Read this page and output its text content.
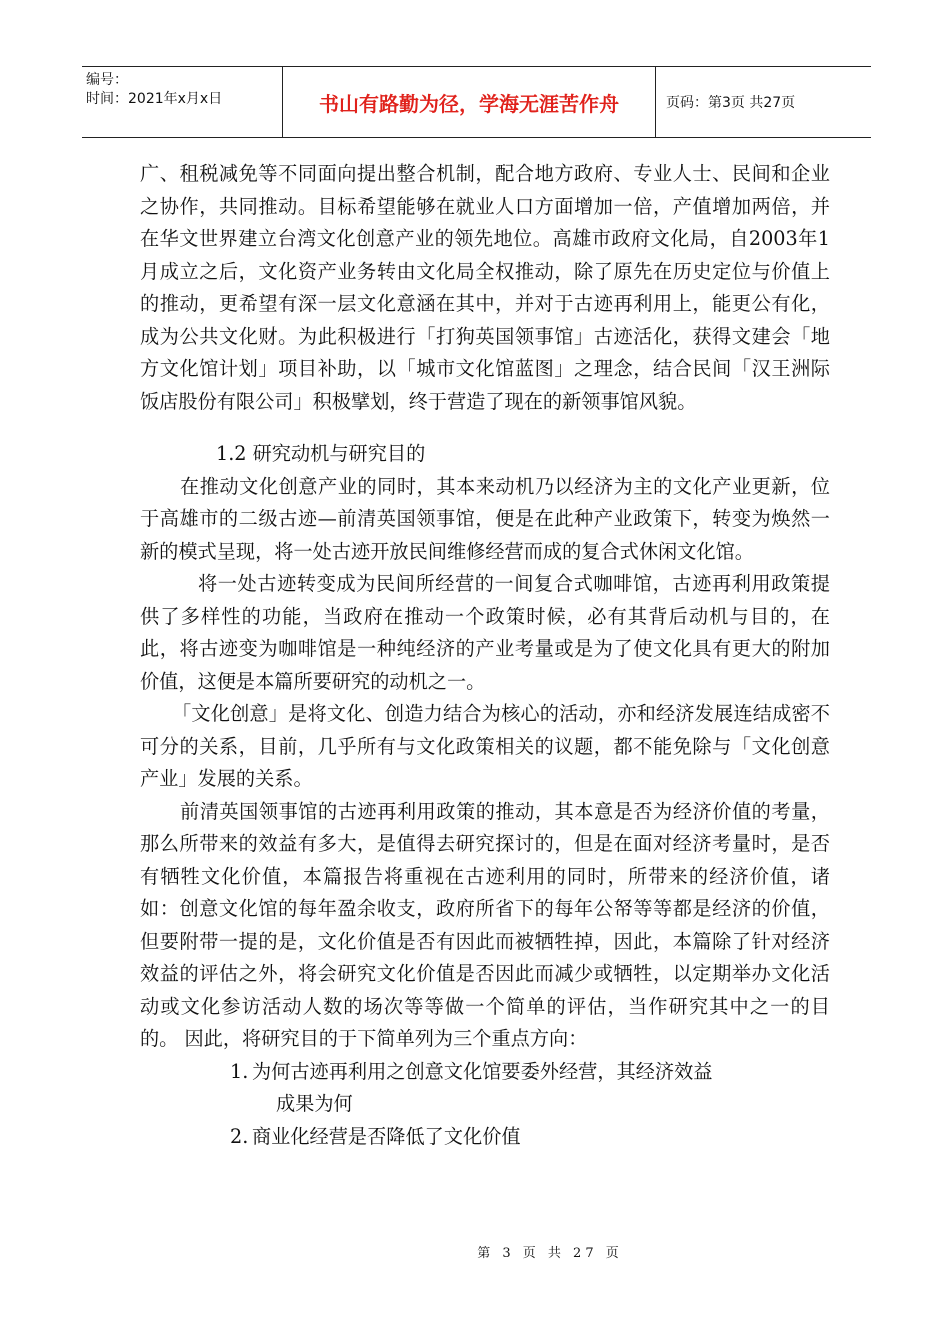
编号：
时间：2021年x月x日	书山有路勤为径，学海无涯苦作舟	页码：第3页 共27页

广、租税减免等不同面向提出整合机制，配合地方政府、专业人士、民间和企业之协作，共同推动。目标希望能够在就业人口方面增加一倍，产值增加两倍，并在华文世界建立台湾文化创意产业的领先地位。高雄市政府文化局，自2003年1月成立之后，文化资产业务转由文化局全权推动，除了原先在历史定位与价值上的推动，更希望有深一层文化意涵在其中，并对于古迹再利用上，能更公有化，成为公共文化财。为此积极进行「打狗英国领事馆」古迹活化，获得文建会「地方文化馆计划」项目补助，以「城市文化馆蓝图」之理念，结合民间「汉王洲际饭店股份有限公司」积极擘划，终于营造了现在的新领事馆风貌。

1.2 研究动机与研究目的

在推动文化创意产业的同时，其本来动机乃以经济为主的文化产业更新，位于高雄市的二级古迹—前清英国领事馆，便是在此种产业政策下，转变为焕然一新的模式呈现，将一处古迹开放民间维修经营而成的复合式休闲文化馆。

将一处古迹转变成为民间所经营的一间复合式咖啡馆，古迹再利用政策提供了多样性的功能，当政府在推动一个政策时候，必有其背后动机与目的，在此，将古迹变为咖啡馆是一种纯经济的产业考量或是为了使文化具有更大的附加价值，这便是本篇所要研究的动机之一。

「文化创意」是将文化、创造力结合为核心的活动，亦和经济发展连结成密不可分的关系，目前，几乎所有与文化政策相关的议题，都不能免除与「文化创意产业」发展的关系。

前清英国领事馆的古迹再利用政策的推动，其本意是否为经济价值的考量，那么所带来的效益有多大，是值得去研究探讨的，但是在面对经济考量时，是否有牺牲文化价值，本篇报告将重视在古迹利用的同时，所带来的经济价值，诸如：创意文化馆的每年盈余收支，政府所省下的每年公帑等等都是经济的价值，但要附带一提的是，文化价值是否有因此而被牺牲掉，因此，本篇除了针对经济效益的评估之外，将会研究文化价值是否因此而减少或牺牲，以定期举办文化活动或文化参访活动人数的场次等等做一个简单的评估，当作研究其中之一的目的。 因此，将研究目的于下简单列为三个重点方向：

1. 为何古迹再利用之创意文化馆要委外经营，其经济效益
成果为何
2. 商业化经营是否降低了文化价值
第 3 页 共 27 页
